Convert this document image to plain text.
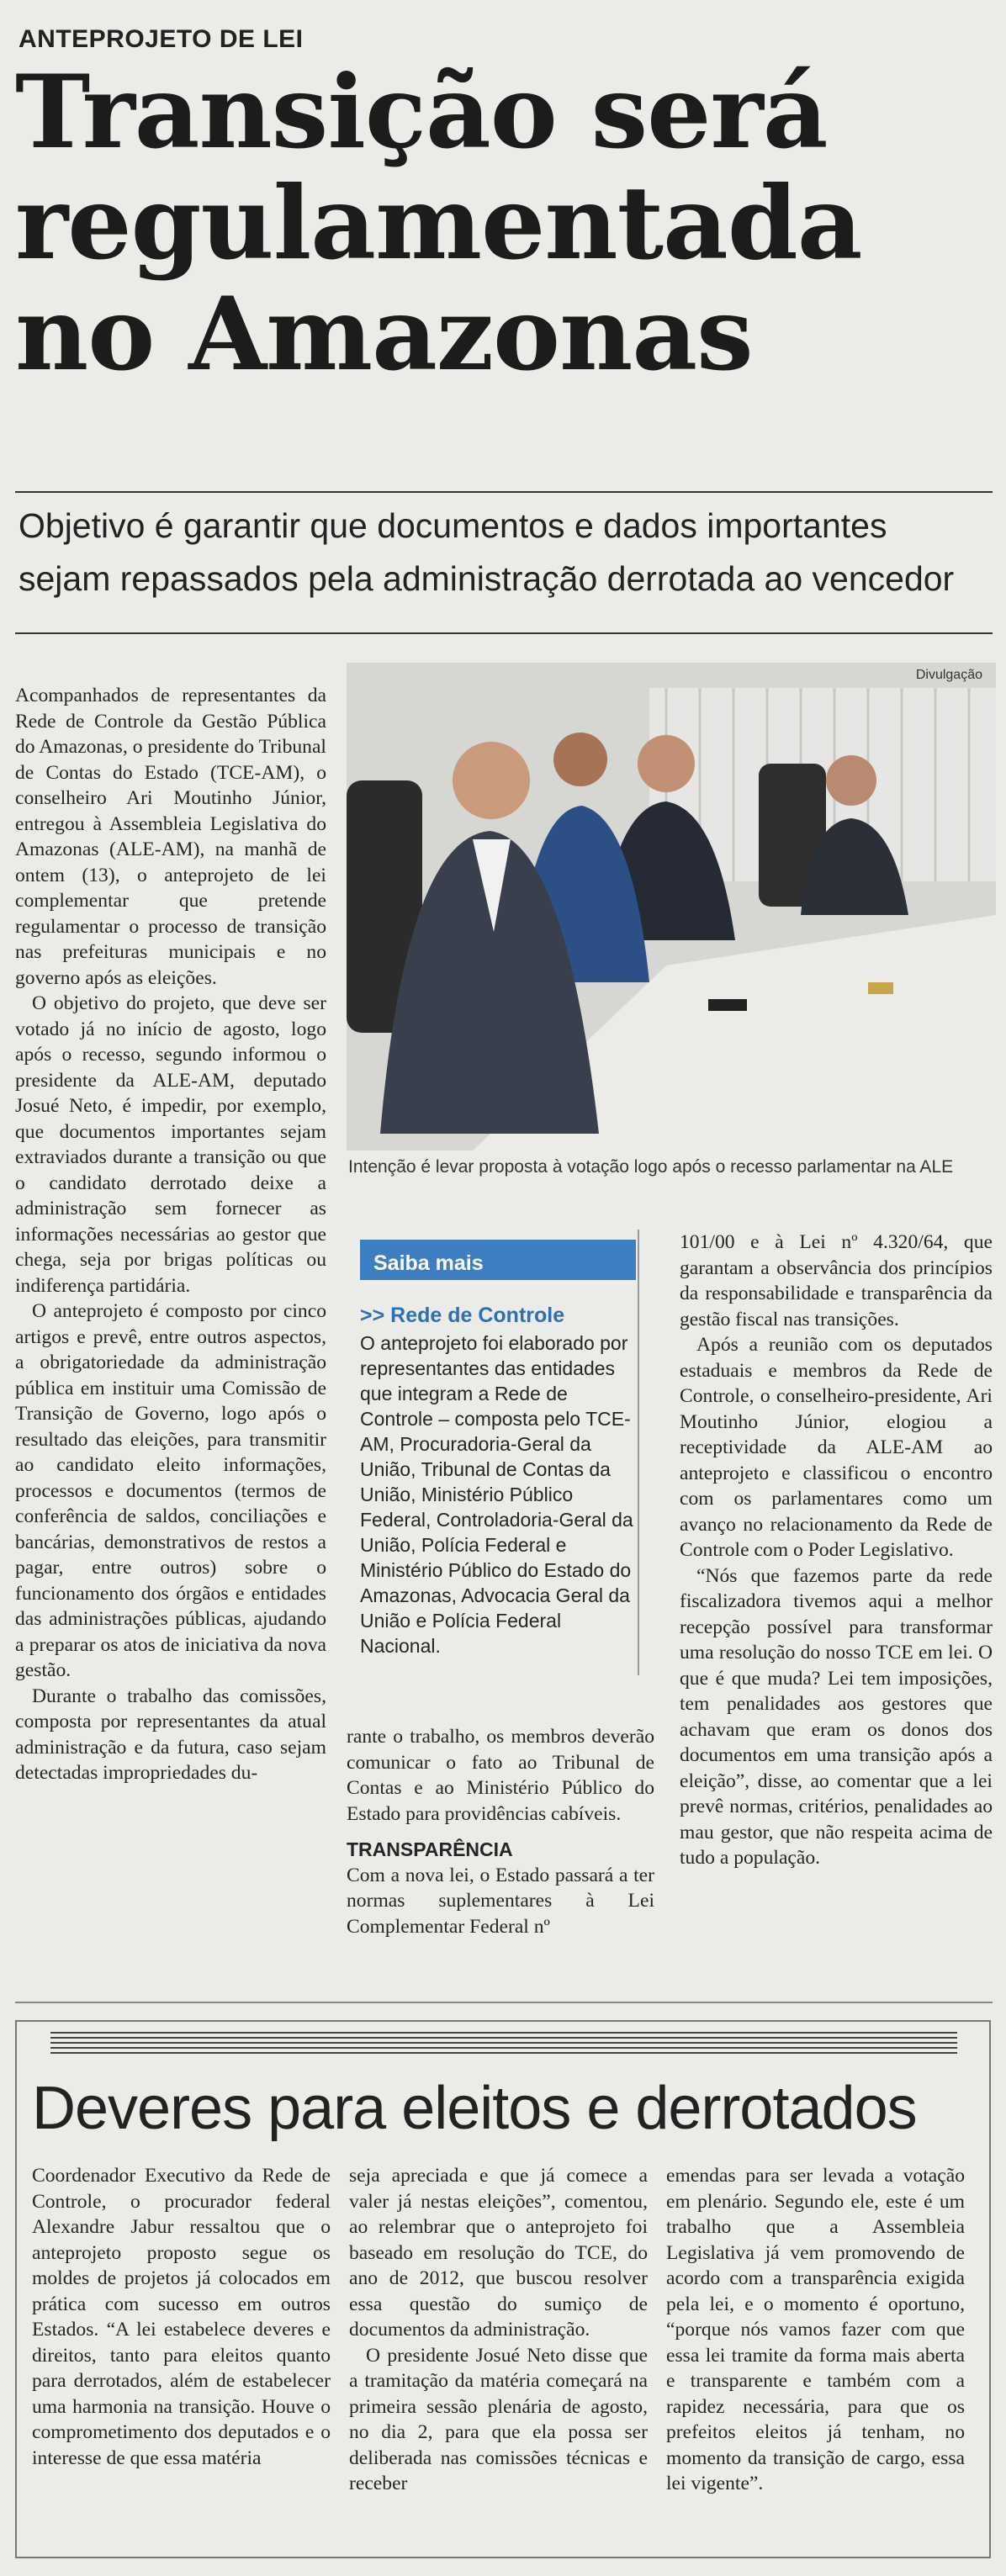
ANTEPROJETO DE LEI
Transição será
regulamentada
no Amazonas
Objetivo é garantir que documentos e dados importantes
sejam repassados pela administração derrotada ao vencedor

Acompanhados de representantes da Rede de Controle da Gestão Pública do Amazonas, o presidente do Tribunal de Contas do Estado (TCE-AM), o conselheiro Ari Moutinho Júnior, entregou à Assembleia Legislativa do Amazonas (ALE-AM), na manhã de ontem (13), o anteprojeto de lei complementar que pretende regulamentar o processo de transição nas prefeituras municipais e no governo após as eleições.

O objetivo do projeto, que deve ser votado já no início de agosto, logo após o recesso, segundo informou o presidente da ALE-AM, deputado Josué Neto, é impedir, por exemplo, que documentos importantes sejam extraviados durante a transição ou que o candidato derrotado deixe a administração sem fornecer as informações necessárias ao gestor que chega, seja por brigas políticas ou indiferença partidária.

O anteprojeto é composto por cinco artigos e prevê, entre outros aspectos, a obrigatoriedade da administração pública em instituir uma Comissão de Transição de Governo, logo após o resultado das eleições, para transmitir ao candidato eleito informações, processos e documentos (termos de conferência de saldos, conciliações e bancárias, demonstrativos de restos a pagar, entre outros) sobre o funcionamento dos órgãos e entidades das administrações públicas, ajudando a preparar os atos de iniciativa da nova gestão.

Durante o trabalho das comissões, composta por representantes da atual administração e da futura, caso sejam detectadas impropriedades du-

Divulgação
Intenção é levar proposta à votação logo após o recesso parlamentar na ALE
Saiba mais
>> Rede de Controle
O anteprojeto foi elaborado por representantes das entidades que integram a Rede de Controle – composta pelo TCE-AM, Procuradoria-Geral da União, Tribunal de Contas da União, Ministério Público Federal, Controladoria-Geral da União, Polícia Federal e Ministério Público do Estado do Amazonas, Advocacia Geral da União e Polícia Federal Nacional.

rante o trabalho, os membros deverão comunicar o fato ao Tribunal de Contas e ao Ministério Público do Estado para providências cabíveis.

TRANSPARÊNCIA

Com a nova lei, o Estado passará a ter normas suplementares à Lei Complementar Federal nº

101/00 e à Lei nº 4.320/64, que garantam a observância dos princípios da responsabilidade e transparência da gestão fiscal nas transições.

Após a reunião com os deputados estaduais e membros da Rede de Controle, o conselheiro-presidente, Ari Moutinho Júnior, elogiou a receptividade da ALE-AM ao anteprojeto e classificou o encontro com os parlamentares como um avanço no relacionamento da Rede de Controle com o Poder Legislativo.

“Nós que fazemos parte da rede fiscalizadora tivemos aqui a melhor recepção possível para transformar uma resolução do nosso TCE em lei. O que é que muda? Lei tem imposições, tem penalidades aos gestores que achavam que eram os donos dos documentos em uma transição após a eleição”, disse, ao comentar que a lei prevê normas, critérios, penalidades ao mau gestor, que não respeita acima de tudo a população.

Deveres para eleitos e derrotados

Coordenador Executivo da Rede de Controle, o procurador federal Alexandre Jabur ressaltou que o anteprojeto proposto segue os moldes de projetos já colocados em prática com sucesso em outros Estados. “A lei estabelece deveres e direitos, tanto para eleitos quanto para derrotados, além de estabelecer uma harmonia na transição. Houve o comprometimento dos deputados e o interesse de que essa matéria

seja apreciada e que já comece a valer já nestas eleições”, comentou, ao relembrar que o anteprojeto foi baseado em resolução do TCE, do ano de 2012, que buscou resolver essa questão do sumiço de documentos da administração.

O presidente Josué Neto disse que a tramitação da matéria começará na primeira sessão plenária de agosto, no dia 2, para que ela possa ser deliberada nas comissões técnicas e receber

emendas para ser levada a votação em plenário. Segundo ele, este é um trabalho que a Assembleia Legislativa já vem promovendo de acordo com a transparência exigida pela lei, e o momento é oportuno, “porque nós vamos fazer com que essa lei tramite da forma mais aberta e transparente e também com a rapidez necessária, para que os prefeitos eleitos já tenham, no momento da transição de cargo, essa lei vigente”.
